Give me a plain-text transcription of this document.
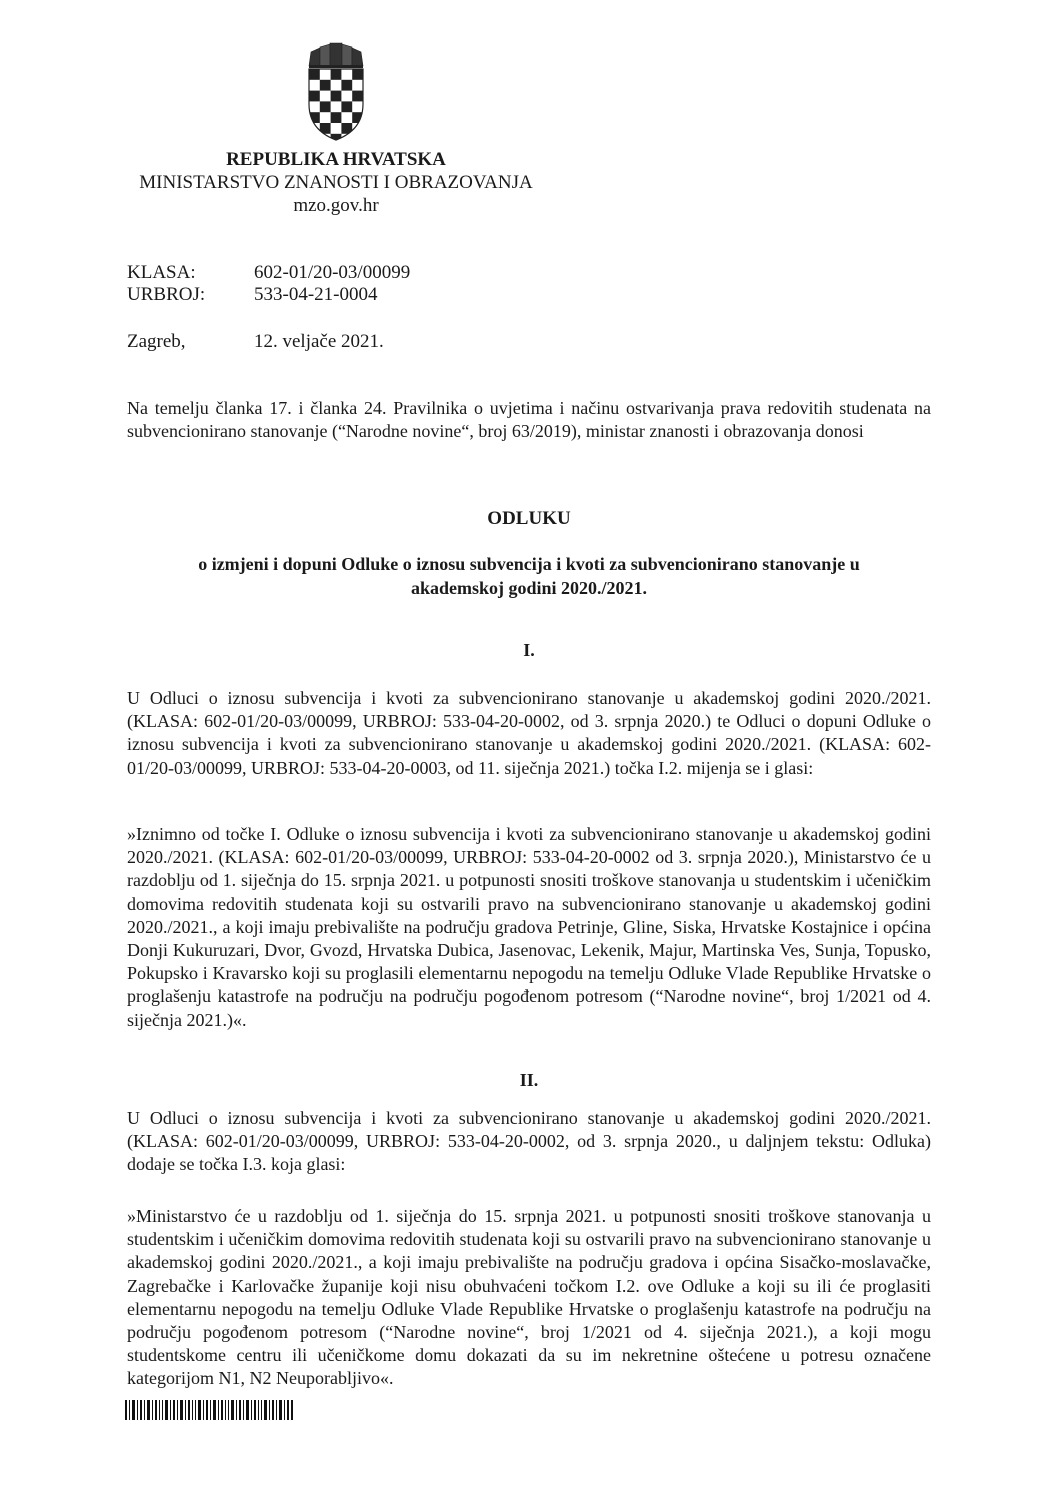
REPUBLIKA HRVATSKA
MINISTARSTVO ZNANOSTI I OBRAZOVANJA
mzo.gov.hr
KLASA:	602-01/20-03/00099
URBROJ:	533-04-21-0004
Zagreb,	12. veljače 2021.
Na temelju članka 17. i članka 24. Pravilnika o uvjetima i načinu ostvarivanja prava redovitih studenata na subvencionirano stanovanje (“Narodne novine“, broj 63/2019), ministar znanosti i obrazovanja donosi
ODLUKU
o izmjeni i dopuni Odluke o iznosu subvencija i kvoti za subvencionirano stanovanje u akademskoj godini 2020./2021.
I.
U Odluci o iznosu subvencija i kvoti za subvencionirano stanovanje u akademskoj godini 2020./2021. (KLASA: 602-01/20-03/00099, URBROJ: 533-04-20-0002, od 3. srpnja 2020.) te Odluci o dopuni Odluke o iznosu subvencija i kvoti za subvencionirano stanovanje u akademskoj godini 2020./2021. (KLASA: 602-01/20-03/00099, URBROJ: 533-04-20-0003, od 11. siječnja 2021.) točka I.2. mijenja se i glasi:
»Iznimno od točke I. Odluke o iznosu subvencija i kvoti za subvencionirano stanovanje u akademskoj godini 2020./2021. (KLASA: 602-01/20-03/00099, URBROJ: 533-04-20-0002 od 3. srpnja 2020.), Ministarstvo će u razdoblju od 1. siječnja do 15. srpnja 2021. u potpunosti snositi troškove stanovanja u studentskim i učeničkim domovima redovitih studenata koji su ostvarili pravo na subvencionirano stanovanje u akademskoj godini 2020./2021., a koji imaju prebivalište na području gradova Petrinje, Gline, Siska, Hrvatske Kostajnice i općina Donji Kukuruzari, Dvor, Gvozd, Hrvatska Dubica, Jasenovac, Lekenik, Majur, Martinska Ves, Sunja, Topusko, Pokupsko i Kravarsko koji su proglasili elementarnu nepogodu na temelju Odluke Vlade Republike Hrvatske o proglašenju katastrofe na području na području pogođenom potresom (“Narodne novine“, broj 1/2021 od 4. siječnja 2021.)«.
II.
U Odluci o iznosu subvencija i kvoti za subvencionirano stanovanje u akademskoj godini 2020./2021. (KLASA: 602-01/20-03/00099, URBROJ: 533-04-20-0002, od 3. srpnja 2020., u daljnjem tekstu: Odluka) dodaje se točka I.3. koja glasi:
»Ministarstvo će u razdoblju od 1. siječnja do 15. srpnja 2021. u potpunosti snositi troškove stanovanja u studentskim i učeničkim domovima redovitih studenata koji su ostvarili pravo na subvencionirano stanovanje u akademskoj godini 2020./2021., a koji imaju prebivalište na području gradova i općina Sisačko-moslavačke, Zagrebačke i Karlovačke županije koji nisu obuhvaćeni točkom I.2. ove Odluke a koji su ili će proglasiti elementarnu nepogodu na temelju Odluke Vlade Republike Hrvatske o proglašenju katastrofe na području na području pogođenom potresom (“Narodne novine“, broj 1/2021 od 4. siječnja 2021.), a koji mogu studentskome centru ili učeničkome domu dokazati da su im nekretnine oštećene u potresu označene kategorijom N1, N2 Neuporabljivo«.
